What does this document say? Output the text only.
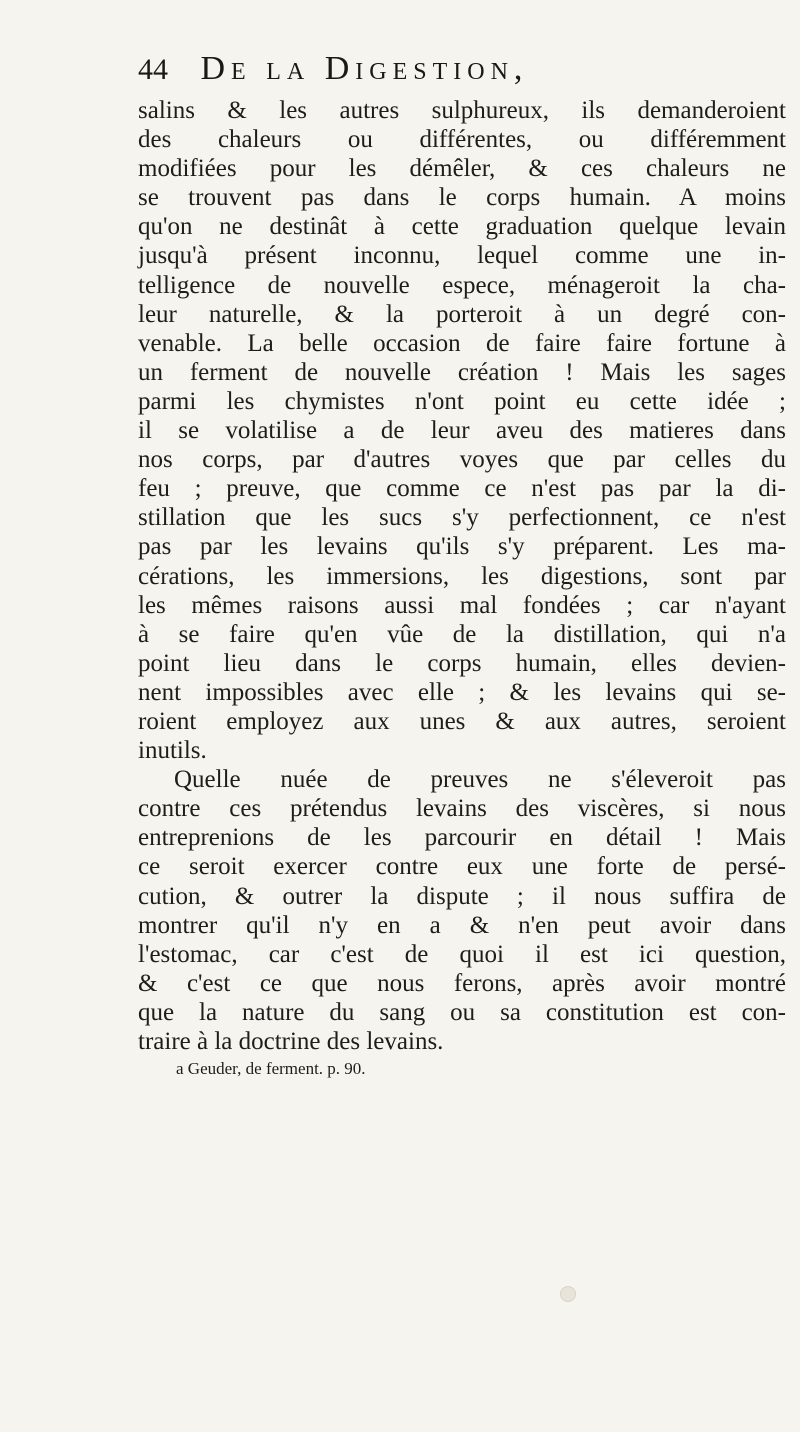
44 De la Digestion,
salins & les autres sulphureux, ils demanderoient
des chaleurs ou différentes, ou différemment
modifiées pour les démêler, & ces chaleurs ne
se trouvent pas dans le corps humain. A moins
qu'on ne destinât à cette graduation quelque levain
jusqu'à présent inconnu, lequel comme une in-
telligence de nouvelle espece, ménageroit la cha-
leur naturelle, & la porteroit à un degré con-
venable. La belle occasion de faire faire fortune à
un ferment de nouvelle création ! Mais les sages
parmi les chymistes n'ont point eu cette idée ;
il se volatilise a de leur aveu des matieres dans
nos corps, par d'autres voyes que par celles du
feu ; preuve, que comme ce n'est pas par la di-
stillation que les sucs s'y perfectionnent, ce n'est
pas par les levains qu'ils s'y préparent. Les ma-
cérations, les immersions, les digestions, sont par
les mêmes raisons aussi mal fondées ; car n'ayant
à se faire qu'en vûe de la distillation, qui n'a
point lieu dans le corps humain, elles devien-
nent impossibles avec elle ; & les levains qui se-
roient employez aux unes & aux autres, seroient
inutils.
Quelle nuée de preuves ne s'éleveroit pas
contre ces prétendus levains des viscères, si nous
entreprenions de les parcourir en détail ! Mais
ce seroit exercer contre eux une forte de persé-
cution, & outrer la dispute ; il nous suffira de
montrer qu'il n'y en a & n'en peut avoir dans
l'estomac, car c'est de quoi il est ici question,
& c'est ce que nous ferons, après avoir montré
que la nature du sang ou sa constitution est con-
traire à la doctrine des levains.
a Geuder, de ferment. p. 90.
